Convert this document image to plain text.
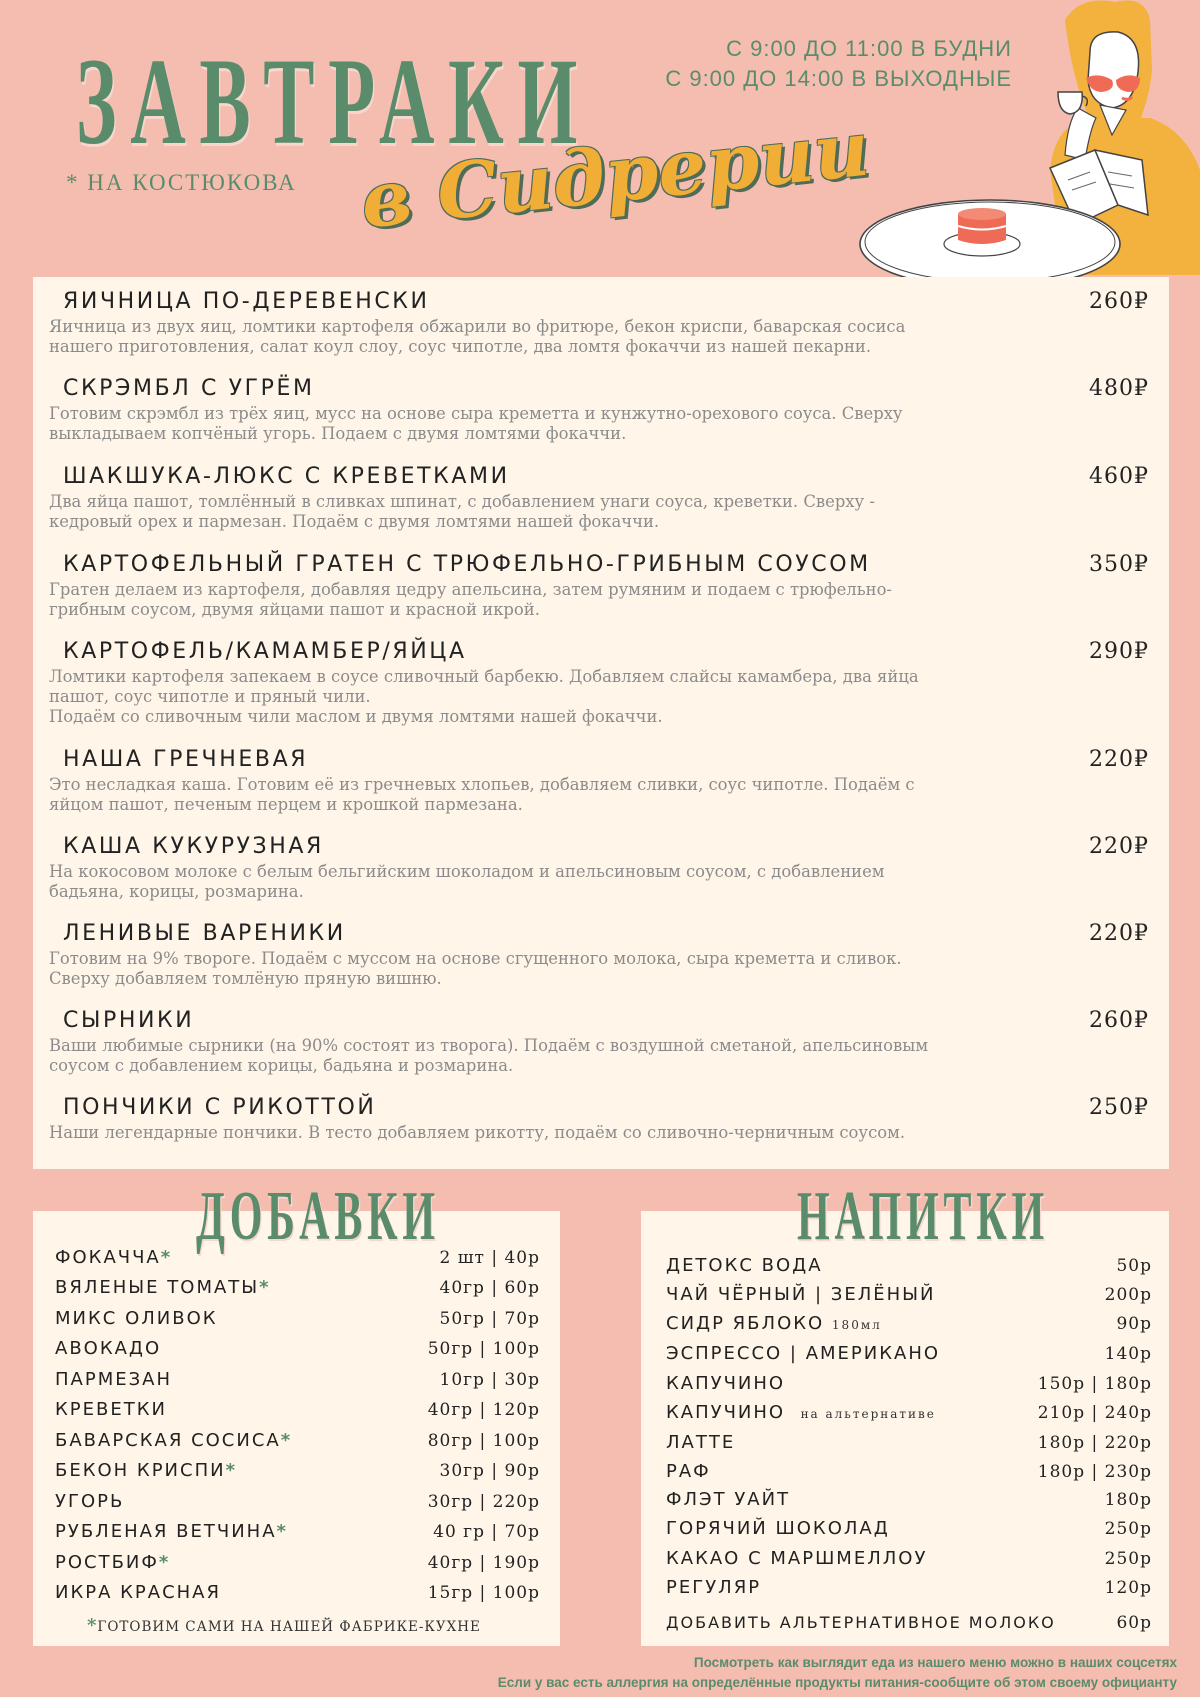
ЗАВТРАКИ
* НА КОСТЮКОВА в Сидрерии
С 9:00 ДО 11:00 В БУДНИ
С 9:00 ДО 14:00 В ВЫХОДНЫЕ
ЯИЧНИЦА ПО-ДЕРЕВЕНСКИ	260₽
Яичница из двух яиц, ломтики картофеля обжарили во фритюре, бекон криспи, баварская сосиса
нашего приготовления, салат коул слоу, соус чипотле, два ломтя фокаччи из нашей пекарни.
СКРЭМБЛ С УГРЁМ	480₽
Готовим скрэмбл из трёх яиц, мусс на основе сыра креметта и кунжутно-орехового соуса. Сверху
выкладываем копчёный угорь. Подаем с двумя ломтями фокаччи.
ШАКШУКА-ЛЮКС С КРЕВЕТКАМИ	460₽
Два яйца пашот, томлённый в сливках шпинат, с добавлением унаги соуса, креветки. Сверху -
кедровый орех и пармезан. Подаём с двумя ломтями нашей фокаччи.
КАРТОФЕЛЬНЫЙ ГРАТЕН С ТРЮФЕЛЬНО-ГРИБНЫМ СОУСОМ	350₽
Гратен делаем из картофеля, добавляя цедру апельсина, затем румяним и подаем с трюфельно-
грибным соусом, двумя яйцами пашот и красной икрой.
КАРТОФЕЛЬ/КАМАМБЕР/ЯЙЦА	290₽
Ломтики картофеля запекаем в соусе сливочный барбекю. Добавляем слайсы камамбера, два яйца
пашот, соус чипотле и пряный чили.
Подаём со сливочным чили маслом и двумя ломтями нашей фокаччи.
НАША ГРЕЧНЕВАЯ	220₽
Это несладкая каша. Готовим её из гречневых хлопьев, добавляем сливки, соус чипотле. Подаём с
яйцом пашот, печеным перцем и крошкой пармезана.
КАША КУКУРУЗНАЯ	220₽
На кокосовом молоке с белым бельгийским шоколадом и апельсиновым соусом, с добавлением
бадьяна, корицы, розмарина.
ЛЕНИВЫЕ ВАРЕНИКИ	220₽
Готовим на 9% твороге. Подаём с муссом на основе сгущенного молока, сыра креметта и сливок.
Сверху добавляем томлёную пряную вишню.
СЫРНИКИ	260₽
Ваши любимые сырники (на 90% состоят из творога). Подаём с воздушной сметаной, апельсиновым
соусом с добавлением корицы, бадьяна и розмарина.
ПОНЧИКИ С РИКОТТОЙ	250₽
Наши легендарные пончики. В тесто добавляем рикотту, подаём со сливочно-черничным соусом.
ФОКАЧЧА*	2 шт | 40р
ВЯЛЕНЫЕ ТОМАТЫ*	40гр | 60р
МИКС ОЛИВОК	50гр | 70р
АВОКАДО	50гр | 100р
ПАРМЕЗАН	10гр | 30р
КРЕВЕТКИ	40гр | 120р
БАВАРСКАЯ СОСИСА*	80гр | 100р
БЕКОН КРИСПИ*	30гр | 90р
УГОРЬ	30гр | 220р
РУБЛЕНАЯ ВЕТЧИНА*	40 гр | 70р
РОСТБИФ*	40гр | 190р
ИКРА КРАСНАЯ	15гр | 100р
*ГОТОВИМ САМИ НА НАШЕЙ ФАБРИКЕ-КУХНЕ
ДОБАВКИ
ДЕТОКС ВОДА	50р
ЧАЙ ЧЁРНЫЙ | ЗЕЛЁНЫЙ	200р
СИДР ЯБЛОКО 180мл	90р
ЭСПРЕССО | АМЕРИКАНО	140р
КАПУЧИНО	150р | 180р
КАПУЧИНО на альтернативе	210р | 240р
ЛАТТЕ	180р | 220р
РАФ	180р | 230р
ФЛЭТ УАЙТ	180р
ГОРЯЧИЙ ШОКОЛАД	250р
КАКАО С МАРШМЕЛЛОУ	250р
РЕГУЛЯР	120р
ДОБАВИТЬ АЛЬТЕРНАТИВНОЕ МОЛОКО	60р
НАПИТКИ
Посмотреть как выглядит еда из нашего меню можно в наших соцсетях
Если у вас есть аллергия на определённые продукты питания-сообщите об этом своему официанту
